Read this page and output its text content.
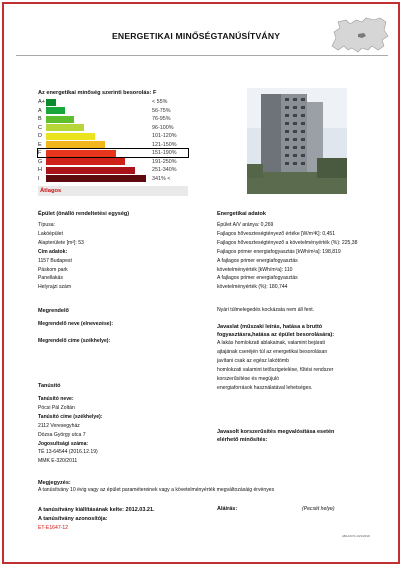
ENERGETIKAI MINŐSÉGTANÚSÍTVÁNY
Az energetikai minőség szerinti besorolás: F
A+	< 55%
A	56-75%
B	76-95%
C	96-100%
D	101-120%
E	121-150%
F	151-190%
G	191-250%
H	251-340%
I	341% <
Átlagos
Épület (önálló rendeltetési egység)
Típusa:
Lakóépület
Alapterülete [m²]: 53
Cím adatok:
1157 Budapest
Páskom park
Panellakás
Helyrajzi szám
Energetikai adatok
Épület A/V aránya: 0,269
Fajlagos hőveszteségtényező értéke [W/m³K]: 0,451
Fajlagos hőveszteségtényező a követelményérték (%): 225,38
Fajlagos primer energiafogyasztás [kWh/m²a]: 198,819
A fajlagos primer energiafogyasztás
követelményérték [kWh/m²a]: 110
A fajlagos primer energiafogyasztás
követelményérték (%): 180,744
Megrendelő
Megrendelő neve (elnevezése):
Megrendelő címe (székhelye):
Nyári túlmelegedés kockázata nem áll fent.
Javaslat (műszaki leírás, hatása a bruttó
fogyasztásra,hatása az épület besorolására):
A lakás homlokzati ablakainak, valamint bejárati
ajtajának cseréjén túl az energetikai besorolásan
javítani csak az egész lakótömb
homlokzati valamint tetőszigetelése, fűtési rendszer
korszerűsítése és megújuló
energiaforrások használatával lehetséges.
Tanúsító
Tanúsító neve:
Pócsi Pál Zoltán
Tanúsító címe (székhelye):
2112 Veresegyház
Dózsa György utca 7
Jogosultsági száma:
TÉ 13-64544 (2016.12.19)
MMK E-320/2011
Javasolt korszerűsítés megvalósítása esetén
elérhető minősítés:
Megjegyzés:
A tanúsítvány 10 évig vagy az épület paramétereinek vagy a követelményérték megváltozásáig érvényes
A tanúsítvány kiállításának kelte: 2012.03.21.
A tanúsítvány azonosítója:
ET-E1647-12
Aláírás:	(Pecsét helye)
ABLANYA 13/1/2019
